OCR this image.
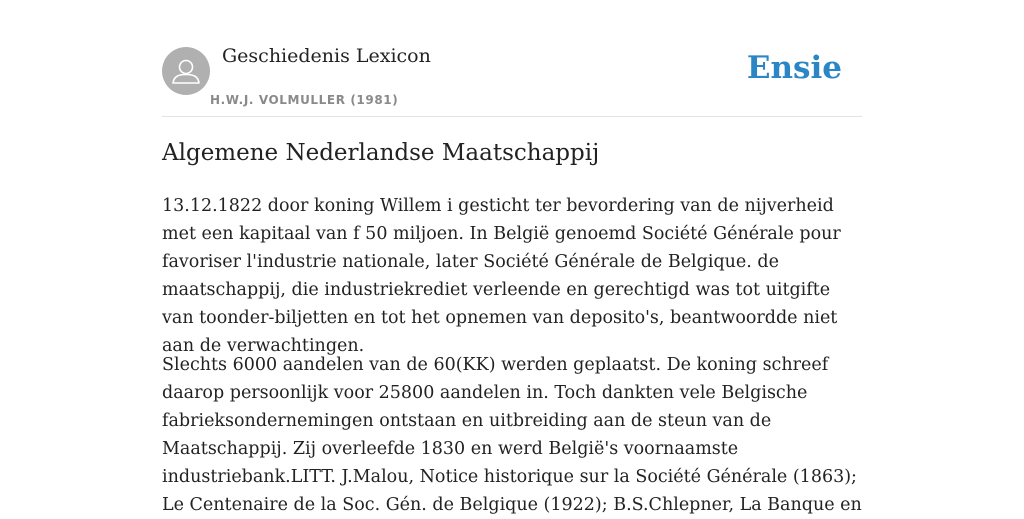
Geschiedenis Lexicon
H.W.J. VOLMULLER (1981)
Ensie
Algemene Nederlandse Maatschappij

13.12.1822 door koning Willem i gesticht ter bevordering van de nijverheid met een kapitaal van f 50 miljoen. In België genoemd Société Générale pour favoriser l'industrie nationale, later Société Générale de Belgique. de maatschappij, die industriekrediet verleende en gerechtigd was tot uitgifte van toonder-biljetten en tot het opnemen van deposito's, beantwoordde niet aan de verwachtingen.

Slechts 6000 aandelen van de 60(KK) werden geplaatst. De koning schreef daarop persoonlijk voor 25800 aandelen in. Toch dankten vele Belgische fabrieksondernemingen ontstaan en uitbreiding aan de steun van de Maatschappij. Zij overleefde 1830 en werd België's voornaamste industriebank.LITT. J.Malou, Notice historique sur la Société Générale (1863); Le Centenaire de la Soc. Gén. de Belgique (1922); B.S.Chlepner, La Banque en
